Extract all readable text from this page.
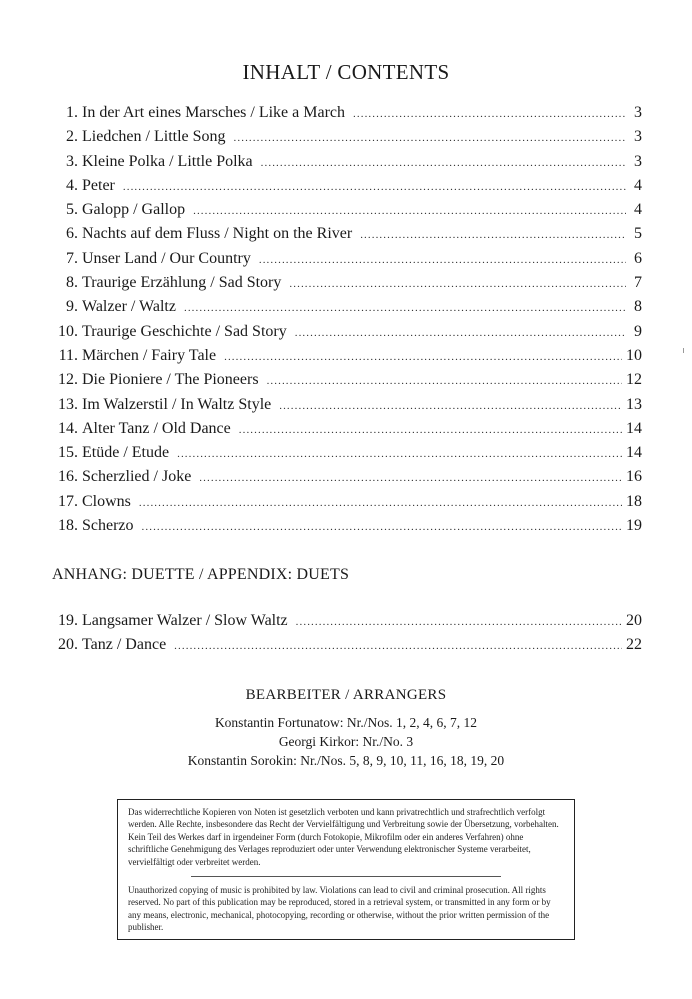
INHALT / CONTENTS
1. In der Art eines Marsches / Like a March .....	3
2. Liedchen / Little Song .....	3
3. Kleine Polka / Little Polka .....	3
4. Peter .....	4
5. Galopp / Gallop .....	4
6. Nachts auf dem Fluss / Night on the River .....	5
7. Unser Land / Our Country .....	6
8. Traurige Erzählung / Sad Story .....	7
9. Walzer / Waltz .....	8
10. Traurige Geschichte / Sad Story .....	9
11. Märchen / Fairy Tale .....	10
12. Die Pioniere / The Pioneers .....	12
13. Im Walzerstil / In Waltz Style .....	13
14. Alter Tanz / Old Dance .....	14
15. Etüde / Etude .....	14
16. Scherzlied / Joke .....	16
17. Clowns .....	18
18. Scherzo .....	19
ANHANG: DUETTE / APPENDIX: DUETS
19. Langsamer Walzer / Slow Waltz .....	20
20. Tanz / Dance .....	22
BEARBEITER / ARRANGERS
Konstantin Fortunatow: Nr./Nos. 1, 2, 4, 6, 7, 12
Georgi Kirkor: Nr./No. 3
Konstantin Sorokin: Nr./Nos. 5, 8, 9, 10, 11, 16, 18, 19, 20

Das widerrechtliche Kopieren von Noten ist gesetzlich verboten und kann privatrechtlich und strafrechtlich verfolgt werden. Alle Rechte, insbesondere das Recht der Vervielfältigung und Verbreitung sowie der Übersetzung, vorbehalten. Kein Teil des Werkes darf in irgendeiner Form (durch Fotokopie, Mikrofilm oder ein anderes Verfahren) ohne schriftliche Genehmigung des Verlages reproduziert oder unter Verwendung elektronischer Systeme verarbeitet, vervielfältigt oder verbreitet werden.

Unauthorized copying of music is prohibited by law. Violations can lead to civil and criminal prosecution. All rights reserved. No part of this publication may be reproduced, stored in a retrieval system, or transmitted in any form or by any means, electronic, mechanical, photocopying, recording or otherwise, without the prior written permission of the publisher.
